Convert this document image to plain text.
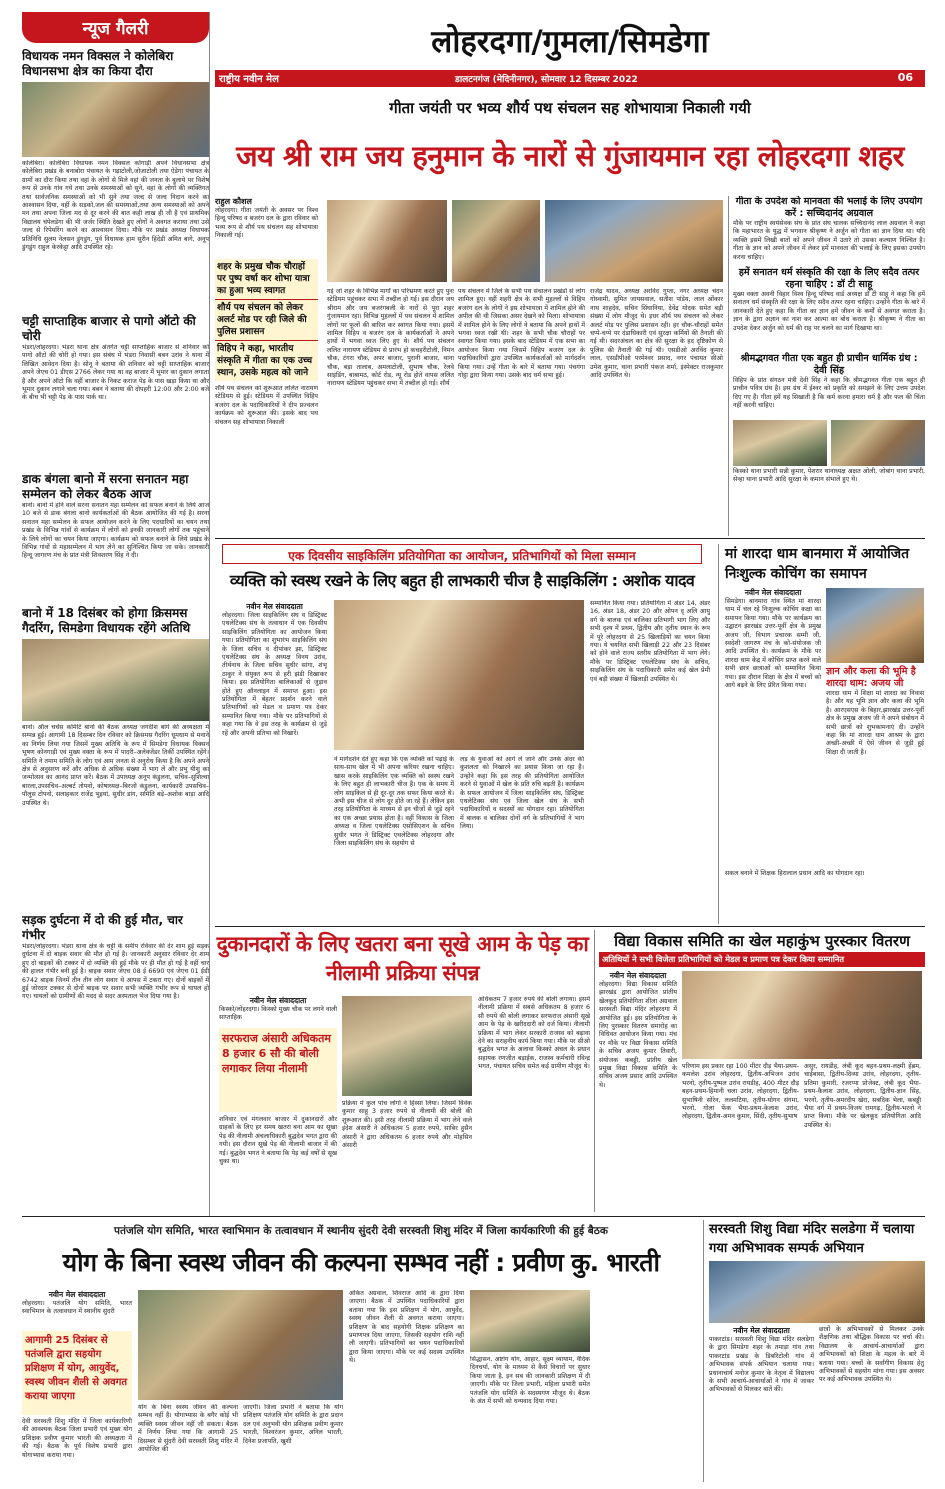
न्यूज गैलरी
विधायक नमन विक्सल ने कोलेबिरा विधानसभा क्षेत्र का किया दौरा
कोलेबिरा। कोलेबिरा विधायक नमन विक्सल कोंगाड़ी अपने विधानसभा क्षेत्र कोलेबिरा प्रखंड के बनाबोरा पंचायत के गढ़ाटोली,जोजाटोली तथा ऐडेगा पंचायत के ग्रामों का दौरा किया तथा वहां के लोगों से मिले वहां की जनता के बुलाये पर विशेष रूप से उनके गांव गये तथा उनके समस्याओं को सुने, वहां के लोगों की व्यक्तिगत तथा सार्वजनिक समस्याओं को भी सुने तथा जल्द से जल्द निदान करने का आश्वासन दिया, वहीं के सड़को,जल की समस्याओं,तथा अन्य समस्याओं को अपने मन तथा अपना जिला मद से दूर करने की बात कही लाख ही जी है एवं प्राथमिक विद्यालय चंपेलडेगा की भी जर्जर स्थिति देखते हुए लोगों ने अवगत कराया तथा उसे जल्द से रिपेयरिंग करने का आश्वासन दिया। मौके पर प्रखंड अध्यक्ष विधायक प्रतिनिधि सुलम नेलसन डुंगडुंग, पूर्व विधायक हाम सुरीन हिंदेडी अमित बागे, अनूप डुंगडुंग राहुल केरकेट्टा आदि उपस्थित रहे।
चट्टी साप्ताहिक बाजार से पागो ऑटो की चोरी
भंडरा/लोहरदगा। भंडरा थाना क्षेत्र अंतर्गत चट्टी साप्ताहिक बाजार से शनिवार को पागो ऑटो की चोरी हो गया। इस संबंध में भंडरा निवासी बबन उरांव ने थाना में लिखित आवेदन दिया है। सोनू ने बताया की शनिवार को चट्टी साप्ताहिक बाजार अपने जेएच 01 डीएस 2766 लेकर गया था वह बाजार में भूमार का दुकान लगाता है और अपने ऑटो कि वहीं बाजार के निकट कराज पेड़ के पास खड़ा किया था और भूमार दुकान लगाने चला गया। बबन ने बताया की दोपहरी 12:00 और 2:00 बजे के बीच भी चट्टी पेड़ के पास पार्क था।
डाक बंगला बानो में सरना सनातन महा सम्मेलन को लेकर बैठक आज
बानो। बानो में होने वाले सरना सनातन महा सम्मेलन को सफल बनाने के लिये आज 10 बजे से डाक बंगला बानो कार्यकर्ताओं की बैठक आयोजित की गई है। सरना सनातन महा सम्मेलन के सफल आयोजन करने के लिए पदधारियों का चयन तथा प्रखंड के विभिन्न गांवों से कार्यक्रम में लोगों को इनकी जानकारी लोगों तक पहुंचाने के लिये लोगों का चयन किया जाएगा। कार्यक्रम को सफल बनाने के लिये प्रखंड के विभिन्न गांवों से महासम्मेलन में भाग लेने का सुनिश्चित किया जा सके। जानकारी हिन्दू जागरण मंच के प्रांत मंत्री शिवशरण सिंह ने दी।
बानो में 18 दिसंबर को होगा क्रिसमस गैदरिंग, सिमडेगा विधायक रहेंगे अतिथि
बानो। ऑल चर्चेस कमिटि बानो की बैठक अध्यक्ष जगदीश बांगे की अध्यक्षता में सम्पन्न हुई। आगामी 18 दिसम्बर दिन रविवार को क्रिसमस गैदरिंग धूमधाम से मनाने का निर्णय लिया गया जिसमें मुख्य अतिथि के रूप में सिमडेगा विधायक विक्सन भूषण कोनगाड़ी एवं मुख्य वक्ता के रूप में पादरी–अलेक्जेंडर तिर्की उपस्थित रहेंगे। समिति ने तमाम समिति के लोग एवं आम जनता से अनुरोध किया है कि अपने अपने क्षेत्र से अनुसरण करें और अधिक से अधिक संख्या में भाग लें और प्रभु यीशु का जन्मोत्सव का आनंद प्राप्त करें। बैठक में उपाध्यक्ष अनूप कंडुलना, सचिव–सुशिल्वा बारला,उपसचिव–अल्बर्ट तोपनो, कोषाध्यक्ष–बिरजो कंडुलना, कार्यकारी उपसचिव–पौलुस टोपनो, सलाहकार राजेंद्र भुइयां, सुधीर डांग, समिति बड़े–अशोक बाड़ा आदि उपस्थित थे।
सड़क दुर्घटना में दो की हुई मौत, चार गंभीर
भंडरा/लोहरदगा। भंडरा थाना क्षेत्र के चट्टी के समीप रविवार की देर शाम हुई सड़क दुर्घटना में दो बाइक सवार की मौत हो गई है। जानकारी अनुसार रविवार देर शाम हुए दो बाइकों की टक्कर में दो व्यक्ति की हुई मौके पर ही मौत हो गई है वहीं चार की हालत गंभीर बनी हुई है। बाइक सवार जेएच 08 ई 6690 एवं जेएच 01 ईडी 6742 बाइक जिनमें तीन तीन लोग सवार थे आपस में टकरा गए। दोनों बाइकों में हुई जोरदार टक्कर से दोनों बाइक पर सवार सभी व्यक्ति गंभीर रूप से घायल हो गए। घायलों को ग्रामीणों की मदद से सदर अस्पताल भेज दिया गया है।
लोहरदगा/गुमला/सिमडेगा
राष्ट्रीय नवीन मेल	डालटनगंज (मेदिनीनगर), सोमवार 12 दिसम्बर 2022	06
गीता जयंती पर भव्य शौर्य पथ संचलन सह शोभायात्रा निकाली गयी
जय श्री राम जय हनुमान के नारों से गुंजायमान रहा लोहरदगा शहर
राहुल कौशल
लोहरदगा। गीता जयंती के अवसर पर विश्व हिन्दू परिषद व बजरंग दल के द्वारा रविवार को भव्य रूप से शौर्य पथ संचलन सह शोभायात्रा निकाली गई।
शहर के प्रमुख चौक चौराहों पर पुष्प वर्षा कर शोभा यात्रा का हुआ भव्य स्वागत
शौर्य पथ संचलन को लेकर अलर्ट मोड पर रही जिले की पुलिस प्रशासन
विहिप ने कहा, भारतीय संस्कृति में गीता का एक उच्च स्थान, उसके महत्व को जाने
शौर्य पथ संचलन को शुरूआत ललित नारायण स्टेडियम से हुई। स्टेडियम में उपस्थित विहिप बजरंग दल के पदाधिकारियों ने दीप प्रज्वलन कार्यक्रम को शुरूआत की। इसके बाद पथ संचलन सह शोभायात्रा निकाली
गई जो शहर के विभिन्न मार्गों का परिभ्रमण करते हुए पुनः स्टेडियम पहुंचकर सभा में तब्दील हो गई। इस दौरान जय श्रीराम और जय बजरंगबली के नारों से पूरा शहर गुंजायमान रहा। विभिन्न मुहल्लों में पथ संचलन में शामिल लोगों पर फूलों की बारिश कर स्वागत किया गया। इसमें शामिल विहिप व बजरंग दल के कार्यकर्ताओं ने अपने हाथों में भगवा ध्वज लिए हुए थे। शौर्य पथ संचलन ललित नारायण स्टेडियम से प्रारंभ हो कचहरीटोली, निमन चौक, टंगरा चौक, अपर बाजार, पुरानी बाजार, थाना चौक, बड़ा तालाब, अमलाटोली, सुभाष चौक, रेलवे साइडिंग, बाबामठ, कोर्ट रोड, न्यू रोड होते वापस ललित नारायण स्टेडियम पहुंचकर सभा में तब्दील हो गई। शौर्य
पथ संचलन में जिले के सभी पथ संचालन प्रखंडों से लोग शामिल हुए। वहीं शहरी क्षेत्र के सभी मुहल्लों से विहिप बजरंग दल के लोगों ने इस शोभायात्रा में शामिल होने की अपील की थी जिसका असर देखने को मिला। शोभायात्रा में शामिल होने के लिए लोगों ने बताया कि अपने हाथों में भगवा ध्वज रखी थी। शहर के सभी चौक चौराहों पर स्वागत किया गया। इसके बाद स्टेडियम में एक सभा का आयोजन किया गया जिसमें विहिप बजरंग दल के पदाधिकारियों द्वारा उपस्थित कार्यकर्ताओं को मार्गदर्शन किया गया। उन्हें गीता के बारे में बताया गया। पंचगंगा गोट्ठा द्वारा किया गया। उसके बाद धर्म सभा हुई।
राजेंद्र यादव, अध्यक्ष अरविंद गुप्ता, नगर अध्यक्ष चंदन गोस्वामी, सुमित जायसवाल, सतीश पांडेय, लाल ओंकार नाथ शाहदेव, सचिन सिंघानिया, देवेंद्र मोदक समेत बड़ी संख्या में लोग मौजूद थे। इधर शौर्य पथ संचलन को लेकर अलर्ट मोड पर पुलिस प्रशासन रही। हर चौक-चौराहों समेत चप्पे-चप्पे पर दंडाधिकारी एवं सुरक्षा कर्मियों की तैनाती की गई थी। सदरअंचल का क्षेत्र की सुरक्षा के हद दृष्टिकोण से पुलिस की तैनाती की गई थी। एसडीओ अरविंद कुमार लाल, एसडीपीओ परमेश्वर प्रसाद, नगर पंचायत सीओ उमेश कुमार, थाना प्रभारी पंकज शर्मा, इंस्पेक्टर राजकुमार आदि उपस्थित थे।
गीता के उपदेश को मानवता की भलाई के लिए उपयोग करें : सच्चिदानंद अग्रवाल
मौके पर राष्ट्रीय स्वयंसेवक संघ के प्रांत संघ चालक सच्चिदानंद लाल अग्रवाल ने कहा कि महाभारत के युद्ध में भगवान श्रीकृष्ण ने अर्जुन को गीता का ज्ञान दिया था। यदि व्यक्ति इसमें लिखी बातों को अपने जीवन में उतारे तो उसका कल्याण निश्चित है। गीता के ज्ञान को अपने जीवन में लेकर हमें मानवता की भलाई के लिए इसका उपयोग करना चाहिए।
हमें सनातन धर्म संस्कृति की रक्षा के लिए सदैव तत्पर रहना चाहिए : डॉ टी साहू
मुख्य वक्ता अवनी विहार विश्व हिन्दू परिषद वार्ड अध्यक्ष डॉ टी साहू ने कहा कि हमें सनातन धर्म संस्कृति की रक्षा के लिए सदैव तत्पर रहना चाहिए। उन्होंने गीता के बारे में जानकारी देते हुए कहा कि गीता का ज्ञान हमें जीवन के कर्मों से अवगत कराता है। ज्ञान के द्वारा अज्ञान का नाश कर आत्मा का बोध कराता है। श्रीकृष्ण ने गीता का उपदेश देकर अर्जुन को धर्म की राह पर चलने का मार्ग दिखाया था।
श्रीमद्भगवत गीता एक बहुत ही प्राचीन धार्मिक ग्रंथ : देवी सिंह
विहिप के प्रांत संगठन मंत्री देवी सिंह ने कहा कि श्रीमद्भगवत गीता एक बहुत ही प्राचीन पवित्र ग्रंथ है। इस ग्रंथ में ईश्वर को प्रकृति को समझने के लिए उत्तम उपदेश दिए गए हैं। गीता हमें यह सिखाती है कि कर्म करना हमारा धर्म है और फल की चिंता नहीं करनी चाहिए।
किस्को थाना प्रभारी सन्नी कुमार, पेशरार थानाध्यक्ष अक्षत ओली, जोबांग थाना प्रभारी, सेन्हा थाना प्रभारी आदि सुरक्षा के कमान संभाले हुए थे।
एक दिवसीय साइकिलिंग प्रतियोगिता का आयोजन, प्रतिभागियों को मिला सम्मान
व्यक्ति को स्वस्थ रखने के लिए बहुत ही लाभकारी चीज है साइकिलिंग : अशोक यादव
नवीन मेल संवाददाता
लोहरदगा। जिला साइकिलिंग संघ व डिस्ट्रिक्ट एथलेटिक्स संघ के तत्वाधान में एक दिवसीय साइकिलिंग प्रतियोगिता का आयोजन किया गया। प्रतियोगिता का शुभारंभ साइकिलिंग संघ के जिला सचिव व दीपांकर झा, डिस्ट्रिक्ट एथलेटिक्स संघ के अध्यक्ष विनय उरांव, तीर्थनाथ के जिला सचिव सुधीर सांगा, शंभू ठाकुर ने संयुक्त रूप से हरी झंडी दिखाकर किया। इस प्रतियोगिता बालिकाओं से जुड़ाव होते हुए ऑनलाइन में समाप्त हुआ। इस प्रतियोगिता में बेहतर प्रदर्शन करने वाले प्रतिभागियों को मेडल व प्रमाण पत्र देकर सम्मानित किया गया। मौके पर प्रतिभागियों से कहा गया कि वे इस तरह के कार्यक्रम से जुड़े रहें और अपनी प्रतिभा को निखारें।
ने मार्गदर्शन देते हुए कहा कि एक व्यक्ति को पढ़ाई के साथ-साथ खेल में भी अपना करियर रखना चाहिए। खास करके साइकिलिंग एक व्यक्ति को स्वस्थ रखने के लिए बहुत ही लाभकारी चीज है। एक के समय में लोग साइकिल से ही दूर-दूर तक सफर किया करते थे। अभी इस चीज से लोग दूर होते जा रहे हैं। लेकिन इस तरह प्रतियोगिता के माध्यम से इन चीजों से जुड़े रहने का एक अच्छा प्रयास होता है। वहीं विकास के जिला अध्यक्ष व जिला एथलेटिक्स एसोसिएशन के सचिव सुधीर भगत ने डिस्ट्रिक्ट एथलेटिक्स लोहरदगा और जिला साइकिलिंग संघ के सहयोग से
लड़ के युवाओं को आगे ले जाने और उनके अंदर की कुशलता को निखारने का प्रयास किया जा रहा है। उन्होंने कहा कि इस तरह की प्रतियोगिता आयोजित करने से युवाओं में खेल के प्रति रुचि बढ़ती है। कार्यक्रम के सफल आयोजन में जिला साइकिलिंग संघ, डिस्ट्रिक्ट एथलेटिक्स संघ एवं जिला खेल संघ के सभी पदाधिकारियों व सदस्यों का योगदान रहा। प्रतियोगिता में बालक व बालिका दोनों वर्ग के प्रतिभागियों ने भाग लिया।
सम्मानित किया गया। प्रतियोगिता में अंडर 14, अंडर 16, अंडर 18, अंडर 20 और ओपन दृ अलि आयु वर्ग के बालक एवं बालिका प्रतिभागी भाग लिए और सभी दृश्य में प्रथम, द्वितीय और तृतीय स्थान के रूप में पूरे लोहरदगा से 25 खिलाड़ियों का चयन किया गया। ये चयनित सभी खिलाड़ी 22 और 23 दिसंबर को होने वाले राज्य स्तरीय प्रतियोगिता में भाग लेंगे। मौके पर डिस्ट्रिक्ट एथलेटिक्स संघ के सचिव, साइकिलिंग संघ के पदाधिकारी समेत कई खेल प्रेमी एवं बड़ी संख्या में खिलाड़ी उपस्थित थे।
मां शारदा धाम बानमारा में आयोजित निःशुल्क कोचिंग का समापन
नवीन मेल संवाददाता
सिमडेगा। बानमारा गांव स्थित मां शारदा धाम में चल रहे निःशुल्क कोचिंग कक्षा का समापन किया गया। मौके पर कार्यक्रम का उद्घाटन झारखंड उत्तर-पूर्वी क्षेत्र के प्रमुख अजय जी, विभाग प्रचारक सम्मी जी, स्वदेशी जागरण मंच के को-संयोजक जी आदि उपस्थित थे। कार्यक्रम के मौके पर शारदा धाम केंद्र में कोचिंग प्राप्त करने वाले सभी छात्र छात्राओं को सम्मानित किया गया। इस दौरान शिक्षा के क्षेत्र में बच्चों को आगे बढ़ने के लिए प्रेरित किया गया।
ज्ञान और कला की भूमि है शारदा धाम: अजय जी
शारदा धाम में शिक्षा मां शारदा का निवास है। और यह भूमि ज्ञान और कला की भूमि है। आरएसएस के बिहार,झारखंड उत्तर-पूर्वी क्षेत्र के प्रमुख अजय जी ने अपने संबोधन में सभी छात्रों को शुभकामनाएं दी। उन्होंने कहा कि मां शारदा धाम आश्रम के द्वारा अच्छी-अच्छी में ऐसे जीवन से जुड़ी हुई शिक्षा दी जाती है।
सकल बनाने में शिक्षक हिरालाल प्रधान आदि का योगदान रहा।
दुकानदारों के लिए खतरा बना सूखे आम के पेड़ का नीलामी प्रक्रिया संपन्न
नवीन मेल संवाददाता
किस्को/लोहरदगा। किस्को मुख्य चौक पर लगने वाली साप्ताहिक
सरफराज अंसारी अधिकतम 8 हजार 6 सौ की बोली लगाकर लिया नीलामी
शनिवार एवं मंगलवार बाजार में दुकानदारों और ग्राहकों के लिए हर समय खतरा बना आम का सूखा पेड़ की नीलामी अंचलाधिकारी बुद्धदेव भगत द्वारा की गयी। इस दौरान सूखे पेड़ की नीलामी बाजार में की गई। बुद्धदेव भगत ने बताया कि पेड़ कई वर्षों से सूख चुका था।
प्रक्रिया में कुल पांच लोगों ने हिस्सा लिया। जिसमें विवेक कुमार साहू 3 हजार रुपये से नीलामी की बोली की शुरूआत की। इसी तरह नीलामी प्रक्रिया में भाग लेने वाले इंदेश अंसारी ने अधिकतम 5 हजार रुपये, साबिर हुसैन अंसारी ने द्वारा अधिकतम 6 हजार रुपये और मोहसिन अंसारी
अधिकतम 7 हजार रुपये की बोली लगाया। इसमें नीलामी प्रक्रिया में सबसे अधिकतम 8 हजार 6 सौ रुपये की बोली लगाकर सरफराज अंसारी सूखे आम के पेड़ के खरीददारी को दर्ज किया। नीलामी प्रक्रिया में भाग लेकर सरकारी राजस्व को बढ़ावा देने का सराहनीय कार्य किया गया। मौके पर सीओ बुद्धदेव भगत के अलावा किस्को अंचल के प्रधान सहायक रणजीत बड़ाईक, राजस्व कर्मचारी रविन्द्र भगत, पंचायत सचिव समेत कई ग्रामीण मौजूद थे।
विद्या विकास समिति का खेल महाकुंभ पुरस्कार वितरण
अतिथियों ने सभी विजेता प्रतिभागियों को मेडल व प्रमाण पत्र देकर किया सम्मानित
नवीन मेल संवाददाता
लोहरदगा। विद्या विकास समिति झारखंड द्वारा आयोजित प्रांतीय खेलकूद प्रतियोगिता शीला अग्रवाल सरस्वती विद्या मंदिर लोहरदगा में आयोजित हुई। इस प्रतियोगिता के लिए पुरस्कार वितरण समारोह का विधिवत आयोजन किया गया। मंच पर मौके पर विद्या विकास समिति के सचिव अजय कुमार तिवारी, संयोजक कबड्डी, प्रांतीय खेल प्रमुख विद्या विकास समिति के सचिव अजय प्रसाद आदि उपस्थित थे।
परिणाम इस प्रकार रहा 100 मीटर दौड़ भैया-प्रथम-कमलेश उरांव लोहरदगा, द्वितीय-अभिजन उरांव भरनो, तृतीय-पुष्पल उरांव रायडीह, 400 मीटर दौड़ बहन-प्रथम-हिमानी चला उरांव, लोहरदगा, द्वितीय-सुभाषिनी सोरेन, ललमटिया, तृतीय-योगन संगमा, भरनो, गोला फेंक भैया-प्रथम-केलाश उरांव, लोहरदगा, द्वितीय-अमन कुमार, सिंदी, तृतीय-सुभाष
असुर, रायडीह, लंबी कूद बहन-प्रथम-लक्ष्मी हेंब्रम, चाईबासा, द्वितीय-दिव्या उरांव, लोहरदगा, तृतीय-प्रतिमा कुमारी, रजरप्पा प्रोजेक्ट, लंबी कूद भैया-प्रथम-कैलाश उरांव, लोहरदगा, द्वितीय-ज्ञान सिंह, भरनो, तृतीय-अमरदीप खेरा, सबदिक भेला, कबड्डी भैया वर्ग में प्रथम-विजय रामगढ़, द्वितीय-भरनो ने प्राप्त किया। मौके पर खेलकूद प्रतियोगिता आदि उपस्थित थे।
पतंजलि योग समिति, भारत स्वाभिमान के तत्वावधान में स्थानीय सुंदरी देवी सरस्वती शिशु मंदिर में जिला कार्यकारिणी की हुई बैठक
योग के बिना स्वस्थ जीवन की कल्पना सम्भव नहीं : प्रवीण कु. भारती
नवीन मेल संवाददाता
लोहरदगा। पतंजलि योग समिति, भारत स्वाभिमान के तत्वावधान में स्थानीय सुंदरी
आगामी 25 दिसंबर से पतंजलि द्वारा सहयोग प्रशिक्षण में योग, आयुर्वेद, स्वस्थ जीवन शैली से अवगत कराया जाएगा
देवी सरस्वती शिशु मंदिर में जिला कार्यकारिणी की आवश्यक बैठक जिला प्रभारी एवं मुख्य योग प्रशिक्षक प्रवीण कुमार भारती की अध्यक्षता में की गई। बैठक के पूर्व विशेष प्रभारी द्वारा योगाभ्यास कराया गया।
योग के बिना स्वस्थ जीवन की कल्पना सम्भव नहीं है। योगाभ्यास के बगैर कोई भी व्यक्ति स्वस्थ जीवन नहीं जी सकता। बैठक में निर्णय लिया गया कि आगामी 25 दिसम्बर से सुंदरी देवी सरस्वती शिशु मंदिर में आयोजित की
जाएगी। जिला प्रभारी ने बताया कि योग प्रशिक्षण पतंजलि योग समिति के द्वारा प्रदान दल एवं अनुभवी योग प्रशिक्षक प्रवीण कुमार भारती, विश्वरंजन कुमार, अनिल भारती, दिनेश प्रजापति, खुशी
अंकित अग्रवाल, शिवराज आदि के द्वारा दिया जाएगा। बैठक में उपस्थित पदाधिकारियों द्वारा बताया गया कि इस प्रशिक्षण में योग, आयुर्वेद, स्वस्थ जीवन शैली से अवगत कराया जाएगा। प्रशिक्षण के बाद सहयोगी शिक्षक प्रशिक्षण का प्रमाणपत्र दिया जाएगा, जिसकी सहयोग राशि नहीं ली जाएगी। प्रतिभागियों का चयन पदाधिकारियों द्वारा किया जाएगा। मौके पर कई सदस्य उपस्थित थे।	सिद्धासन, अष्टांग योग, आहार, सूक्ष्म व्यायाम, वैदिक दिनचर्या, योग के माध्यम से कैसे विचारों पर सुधार किया जाता है, इन सब की जानकारी प्रशिक्षण में दी जाएगी। मौके पर जिला प्रभारी, महिला प्रभारी समेत पतंजलि योग समिति के सदस्यगण मौजूद थे। बैठक के अंत में सभी को धन्यवाद दिया गया।
सरस्वती शिशु विद्या मंदिर सलडेगा में चलाया गया अभिभावक सम्पर्क अभियान
नवीन मेल संवाददाता
पाकरटांड। सरस्वती शिशु विद्या मंदिर सलडेगा के द्वारा सिमडेगा शहर के तमाड़ा गांव तथा पाकरटांड प्रखंड के डिबरिटोली गांव में अभिभावक संपर्क अभियान चलाया गया। प्रधानाचार्य मनोज कुमार के नेतृत्व में विद्यालय के सभी आचार्य-आचार्याओं ने गांव में जाकर अभिभावकों से मिलकर बातें कीं।
छात्रों के अभिभावकों से मिलकर उनके शैक्षणिक तथा बौद्धिक विकास पर चर्चा की। विद्यालय के आचार्य-आचार्याओं द्वारा अभिभावकों को शिक्षा के महत्व के बारे में बताया गया। बच्चों के सर्वांगीण विकास हेतु अभिभावकों से सहयोग मांगा गया। इस अवसर पर कई अभिभावक उपस्थित थे।
